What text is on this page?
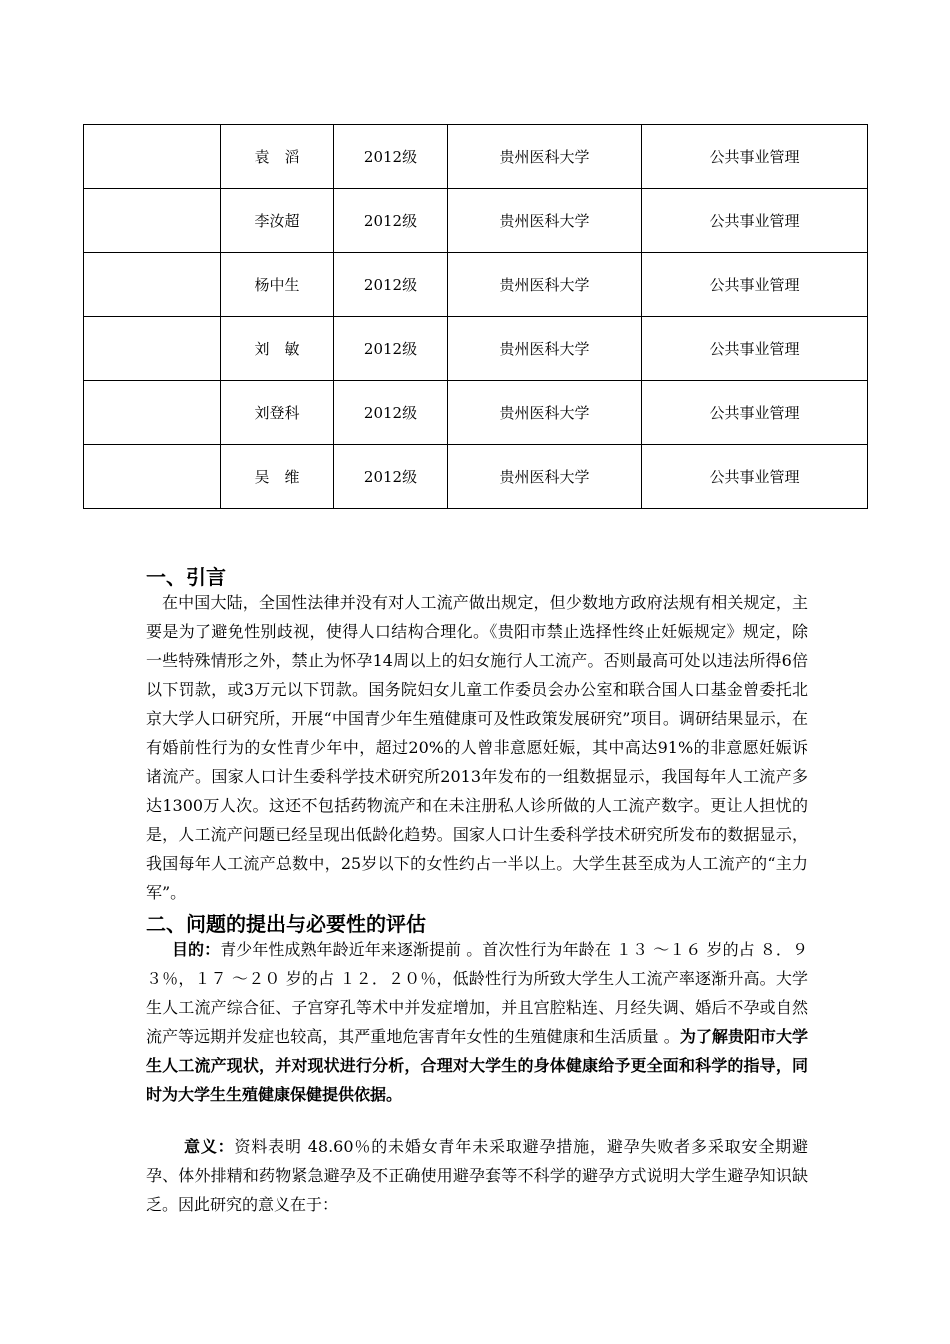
	袁　滔	2012级	贵州医科大学	公共事业管理
	李汝超	2012级	贵州医科大学	公共事业管理
	杨中生	2012级	贵州医科大学	公共事业管理
	刘　敏	2012级	贵州医科大学	公共事业管理
	刘登科	2012级	贵州医科大学	公共事业管理
	吴　维	2012级	贵州医科大学	公共事业管理
一、引言

在中国大陆，全国性法律并没有对人工流产做出规定，但少数地方政府法规有相关规定，主要是为了避免性别歧视，使得人口结构合理化。《贵阳市禁止选择性终止妊娠规定》规定，除一些特殊情形之外，禁止为怀孕14周以上的妇女施行人工流产。否则最高可处以违法所得6倍以下罚款，或3万元以下罚款。国务院妇女儿童工作委员会办公室和联合国人口基金曾委托北京大学人口研究所，开展“中国青少年生殖健康可及性政策发展研究”项目。调研结果显示，在有婚前性行为的女性青少年中，超过20%的人曾非意愿妊娠，其中高达91%的非意愿妊娠诉诸流产。国家人口计生委科学技术研究所2013年发布的一组数据显示，我国每年人工流产多达1300万人次。这还不包括药物流产和在未注册私人诊所做的人工流产数字。更让人担忧的是，人工流产问题已经呈现出低龄化趋势。国家人口计生委科学技术研究所发布的数据显示，我国每年人工流产总数中，25岁以下的女性约占一半以上。大学生甚至成为人工流产的“主力军”。

二、问题的提出与必要性的评估

目的：青少年性成熟年龄近年来逐渐提前 。首次性行为年龄在 １３ ～１６ 岁的占 ８．９３％，１７ ～２０ 岁的占 １２．２０％，低龄性行为所致大学生人工流产率逐渐升高。大学生人工流产综合征、子宫穿孔等术中并发症增加，并且宫腔粘连、月经失调、婚后不孕或自然流产等远期并发症也较高，其严重地危害青年女性的生殖健康和生活质量 。为了解贵阳市大学生人工流产现状，并对现状进行分析，合理对大学生的身体健康给予更全面和科学的指导，同时为大学生生殖健康保健提供依据。

意义：资料表明 48.60％的未婚女青年未采取避孕措施，避孕失败者多采取安全期避孕、体外排精和药物紧急避孕及不正确使用避孕套等不科学的避孕方式说明大学生避孕知识缺乏。因此研究的意义在于：
